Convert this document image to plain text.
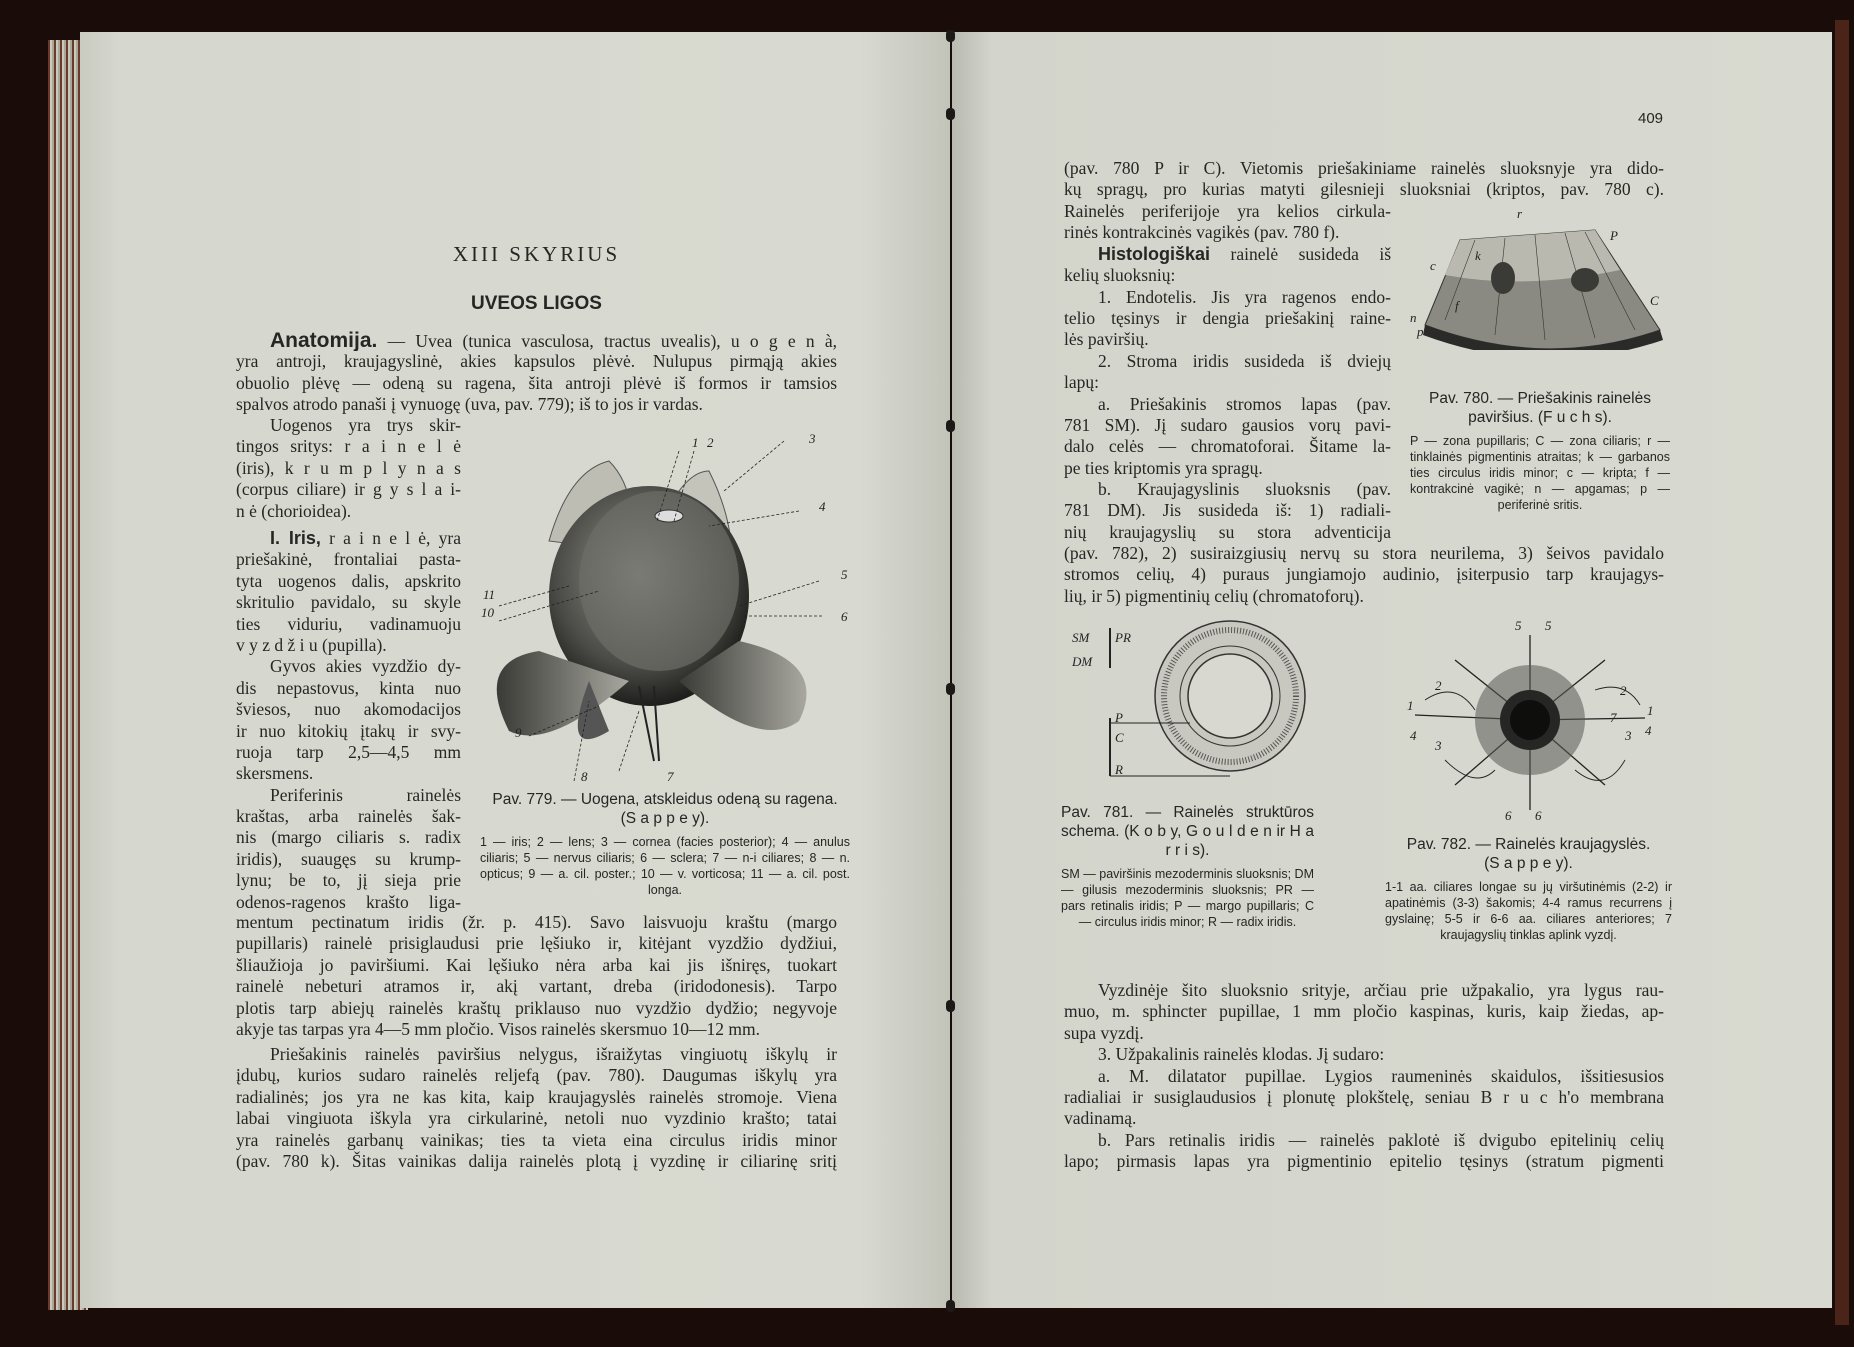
XIII SKYRIUS
UVEOS LIGOS
Anatomija. — Uvea (tunica vasculosa, tractus uvealis), u o g e n à,
yra antroji, kraujagyslinė, akies kapsulos plėvė. Nulupus pirmąją akies
obuolio plėvę — odeną su ragena, šita antroji plėvė iš formos ir tamsios
spalvos atrodo panaši į vynuogę (uva, pav. 779); iš to jos ir vardas.
Uogenos yra trys skir-
tingos sritys: r a i n e l ė
(iris), k r u m p l y n a s
(corpus ciliare) ir g y s l a i-
n ė (chorioidea).
I. Iris, r a i n e l ė, yra
priešakinė, frontaliai pasta-
tyta uogenos dalis, apskrito
skritulio pavidalo, su skyle
ties viduriu, vadinamuoju
v y z d ž i u (pupilla).
Gyvos akies vyzdžio dy-
dis nepastovus, kinta nuo
šviesos, nuo akomodacijos
ir nuo kitokių įtakų ir svy-
ruoja tarp 2,5—4,5 mm
skersmens.
Periferinis rainelės
kraštas, arba rainelės šak-
nis (margo ciliaris s. radix
iridis), suaugęs su krump-
lynu; be to, jį sieja prie
odenos-ragenos krašto liga-
mentum pectinatum iridis (žr. p. 415). Savo laisvuoju kraštu (margo
pupillaris) rainelė prisiglaudusi prie lęšiuko ir, kitėjant vyzdžio dydžiui,
šliaužioja jo paviršiumi. Kai lęšiuko nėra arba kai jis išniręs, tuokart
rainelė nebeturi atramos ir, akį vartant, dreba (iridodonesis). Tarpo
plotis tarp abiejų rainelės kraštų priklauso nuo vyzdžio dydžio; negyvoje
akyje tas tarpas yra 4—5 mm pločio. Visos rainelės skersmuo 10—12 mm.
Priešakinis rainelės paviršius nelygus, išraižytas vingiuotų iškylų ir
įdubų, kurios sudaro rainelės reljefą (pav. 780). Daugumas iškylų yra
radialinės; jos yra ne kas kita, kaip kraujagyslės rainelės stromoje. Viena
labai vingiuota iškyla yra cirkularinė, netoli nuo vyzdinio krašto; tatai
yra rainelės garbanų vainikas; ties ta vieta eina circulus iridis minor
(pav. 780 k). Šitas vainikas dalija rainelės plotą į vyzdinę ir ciliarinę sritį
1 2	3
4
5
6
7
8
9
10
11
Pav. 779. — Uogena, atskleidus odeną su ragena.
(S a p p e y).
1 — iris; 2 — lens; 3 — cornea (facies posterior); 4 — anulus ciliaris; 5 — nervus ciliaris; 6 — sclera; 7 — n-i ciliares; 8 — n. opticus; 9 — a. cil. poster.; 10 — v. vorticosa; 11 — a. cil. post. longa.
409
(pav. 780 P ir C). Vietomis priešakiniame rainelės sluoksnyje yra dido-
kų spragų, pro kurias matyti gilesnieji sluoksniai (kriptos, pav. 780 c).
Rainelės periferijoje yra kelios cirkula-
rinės kontrakcinės vagikės (pav. 780 f).
Histologiškai rainelė susideda iš
kelių sluoksnių:
1. Endotelis. Jis yra ragenos endo-
telio tęsinys ir dengia priešakinį raine-
lės paviršių.
2. Stroma iridis susideda iš dviejų
lapų:
a. Priešakinis stromos lapas (pav.
781 SM). Jį sudaro gausios vorų pavi-
dalo celės — chromatoforai. Šitame la-
pe ties kriptomis yra spragų.
b. Kraujagyslinis sluoksnis (pav.
781 DM). Jis susideda iš: 1) radiali-
nių kraujagyslių su stora adventicija
(pav. 782), 2) susiraizgiusių nervų su stora neurilema, 3) šeivos pavidalo
stromos celių, 4) puraus jungiamojo audinio, įsiterpusio tarp kraujagys-
lių, ir 5) pigmentinių celių (chromatoforų).
Vyzdinėje šito sluoksnio srityje, arčiau prie užpakalio, yra lygus rau-
muo, m. sphincter pupillae, 1 mm pločio kaspinas, kuris, kaip žiedas, ap-
supa vyzdį.
3. Užpakalinis rainelės klodas. Jį sudaro:
a. M. dilatator pupillae. Lygios raumeninės skaidulos, išsitiesusios
radialiai ir susiglaudusios į plonutę plokštelę, seniau B r u c h'o membrana
vadinamą.
b. Pars retinalis iridis — rainelės paklotė iš dvigubo epitelinių celių
lapo; pirmasis lapas yra pigmentinio epitelio tęsinys (stratum pigmenti
r
P
k
c
f	C
n
p
Pav. 780. — Priešakinis rainelės paviršius. (F u c h s).
P — zona pupillaris; C — zona ciliaris; r — tinklainės pigmentinis atraitas; k — garbanos ties circulus iridis minor; c — kripta; f — kontrakcinė vagikė; n — apgamas; p — periferinė sritis.
SM PR
DM
P
C
R
Pav. 781. — Rainelės struktūros schema. (K o b y, G o u l d e n ir H a r r i s).
SM — paviršinis mezoderminis sluoksnis; DM — gilusis mezoderminis sluoksnis; PR — pars retinalis iridis; P — margo pupillaris; C — circulus iridis minor; R — radix iridis.
1	1
2	2
3
3
4	4
5 5
6 6
7
Pav. 782. — Rainelės kraujagyslės.
(S a p p e y).
1-1 aa. ciliares longae su jų viršutinėmis (2-2) ir apatinėmis (3-3) šakomis; 4-4 ramus recurrens į gyslainę; 5-5 ir 6-6 aa. ciliares anteriores; 7 kraujagyslių tinklas aplink vyzdį.
